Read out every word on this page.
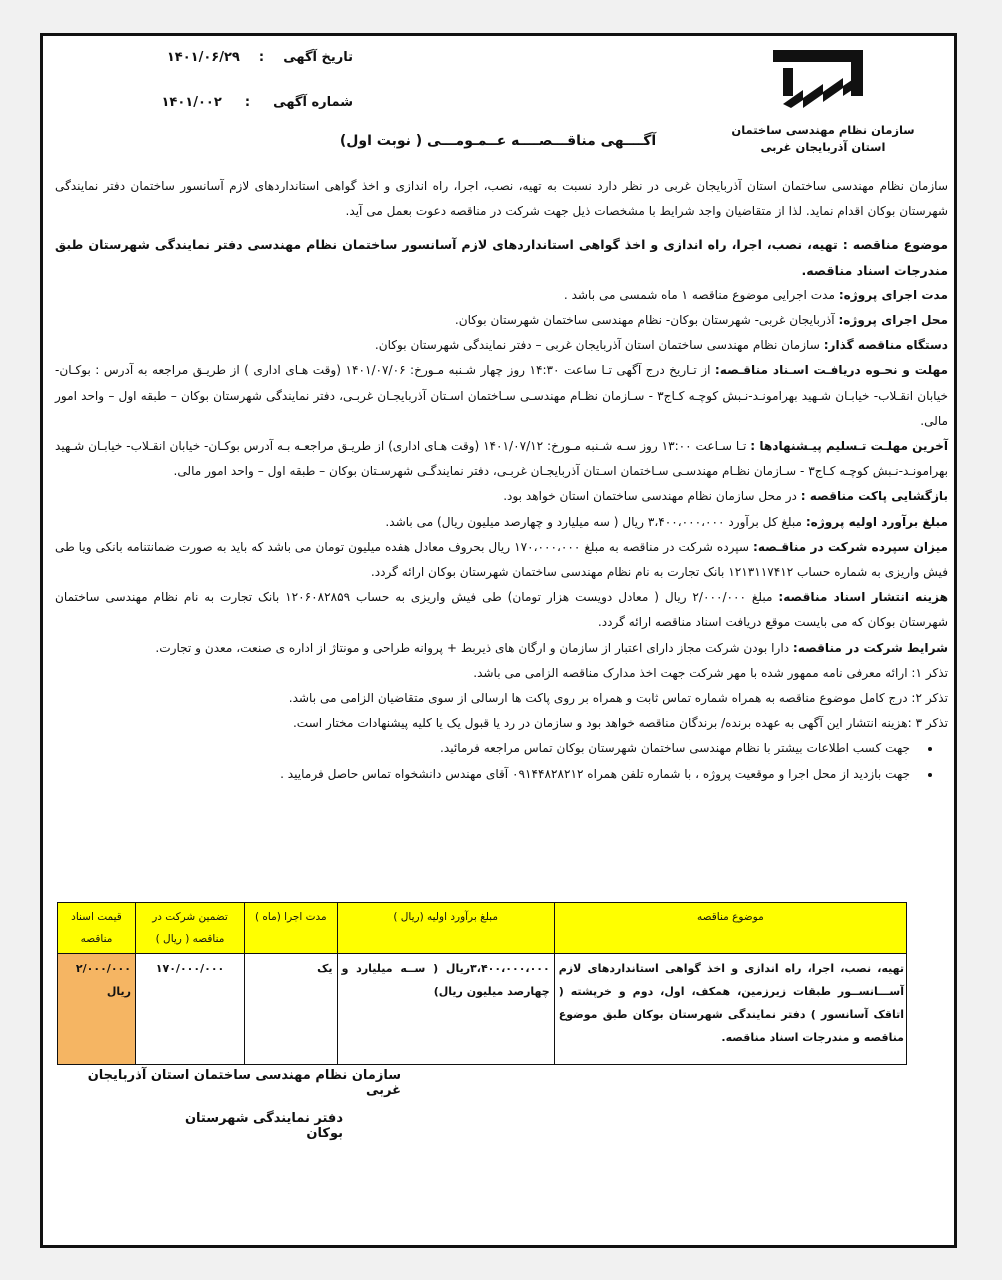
تاریخ آگهی : ۱۴۰۱/۰۶/۲۹
شماره آگهی : ۱۴۰۱/۰۰۲
سازمان نظام مهندسی ساختمان
استان آذربایجان غربی
آگــــهی مناقـــصــــه عــمـومـــی ( نوبت اول)

سازمان نظام مهندسی ساختمان استان آذربایجان غربی در نظر دارد نسبت به تهیه، نصب، اجرا، راه اندازی و اخذ گواهی استانداردهای لازم آسانسور ساختمان دفتر نمایندگی شهرستان بوکان اقدام نماید. لذا از متقاضیان واجد شرایط با مشخصات ذیل جهت شرکت در مناقصه دعوت بعمل می آید.

موضوع مناقصه : تهیه، نصب، اجرا، راه اندازی و اخذ گواهی استانداردهای لازم آسانسور ساختمان نظام مهندسی دفتر نمایندگی شهرستان طبق مندرجات اسناد مناقصه.

مدت اجرای پروژه: مدت اجرایی موضوع مناقصه ۱ ماه شمسی می باشد .

محل اجرای پروژه: آذربایجان غربی- شهرستان بوکان- نظام مهندسی ساختمان شهرستان بوکان.

دستگاه مناقصه گذار: سازمان نظام مهندسی ساختمان استان آذربایجان غربی – دفتر نمایندگی شهرستان بوکان.

مهلت و نحـوه دریافـت اسـناد مناقـصه: از تـاریخ درج آگهی تـا ساعت ۱۴:۳۰ روز چهار شـنبه مـورخ: ۱۴۰۱/۰۷/۰۶ (وقت هـای اداری ) از طریـق مراجعه به آدرس : بوکـان- خیابان انقـلاب- خیابـان شـهید بهرامونـد-نـبش کوچـه کـاج۳ - سـازمان نظـام مهندسـی سـاختمان اسـتان آذربایجـان غربـی، دفتر نمایندگی شهرستان بوکان – طبقه اول – واحد امور مالی.

آخرین مهلـت تـسلیم پیـشنهادها : تـا سـاعت ۱۳:۰۰ روز سـه شـنبه مـورخ: ۱۴۰۱/۰۷/۱۲ (وقت هـای اداری) از طریـق مراجعـه بـه آدرس بوکـان- خیابان انقـلاب- خیابـان شـهید بهرامونـد-نـبش کوچـه کـاج۳ - سـازمان نظـام مهندسـی سـاختمان اسـتان آذربایجـان غربـی، دفتر نمایندگـی شهرسـتان بوکان – طبقه اول – واحد امور مالی.

بازگشایی پاکت مناقصه : در محل سازمان نظام مهندسی ساختمان استان خواهد بود.

مبلغ برآورد اولیه پروژه: مبلغ کل برآورد ۳،۴۰۰،۰۰۰،۰۰۰ ریال ( سه میلیارد و چهارصد میلیون ریال) می باشد.

میزان سپرده شرکت در مناقـصه: سپرده شرکت در مناقصه به مبلغ ۱۷۰،۰۰۰،۰۰۰ ریال بحروف معادل هفده میلیون تومان می باشد که باید به صورت ضمانتنامه بانکی ویا طی فیش واریزی به شماره حساب ۱۲۱۳۱۱۷۴۱۲ بانک تجارت به نام نظام مهندسی ساختمان شهرستان بوکان ارائه گردد.

هزینه انتشار اسناد مناقصه: مبلغ ۲/۰۰۰/۰۰۰ ریال ( معادل دویست هزار تومان) طی فیش واریزی به حساب ۱۲۰۶۰۸۲۸۵۹ بانک تجارت به نام نظام مهندسی ساختمان شهرستان بوکان که می بایست موقع دریافت اسناد مناقصه ارائه گردد.

شرایط شرکت در مناقصه: دارا بودن شرکت مجاز دارای اعتبار از سازمان و ارگان های ذیربط + پروانه طراحی و مونتاژ از اداره ی صنعت، معدن و تجارت.

تذکر ۱: ارائه معرفی نامه ممهور شده با مهر شرکت جهت اخذ مدارک مناقصه الزامی می باشد.

تذکر ۲: درج کامل موضوع مناقصه به همراه شماره تماس ثابت و همراه بر روی پاکت ها ارسالی از سوی متقاضیان الزامی می باشد.

تذکر ۳ :هزینه انتشار این آگهی به عهده برنده/ برندگان مناقصه خواهد بود و سازمان در رد یا قبول یک یا کلیه پیشنهادات مختار است.

• جهت کسب اطلاعات بیشتر با نظام مهندسی ساختمان شهرستان بوکان تماس مراجعه فرمائید.
• جهت بازدید از محل اجرا و موقعیت پروژه ، با شماره تلفن همراه ۰۹۱۴۴۸۲۸۲۱۲ آقای مهندس دانشخواه تماس حاصل فرمایید .
موضوع مناقصه	مبلغ برآورد اولیه (ریال )	مدت اجرا (ماه )	تضمین شرکت در مناقصه ( ریال )	قیمت اسناد مناقصه
تهیه، نصب، اجرا، راه اندازی و اخذ گواهی استانداردهای لازم آســـانســور طبقات زیرزمین، همکف، اول، دوم و خرپشته ( اتاقک آسانسور ) دفتر نمایندگی شهرستان بوکان طبق موضوع مناقصه و مندرجات اسناد مناقصه.	۳،۴۰۰،۰۰۰،۰۰۰ریال ( ســه میلیارد و چهارصد میلیون ریال)	یک	۱۷۰/۰۰۰/۰۰۰	۲/۰۰۰/۰۰۰ ریال
سازمان نظام مهندسی ساختمان استان آذربایجان غربی
دفتر نمایندگی شهرستان بوکان
